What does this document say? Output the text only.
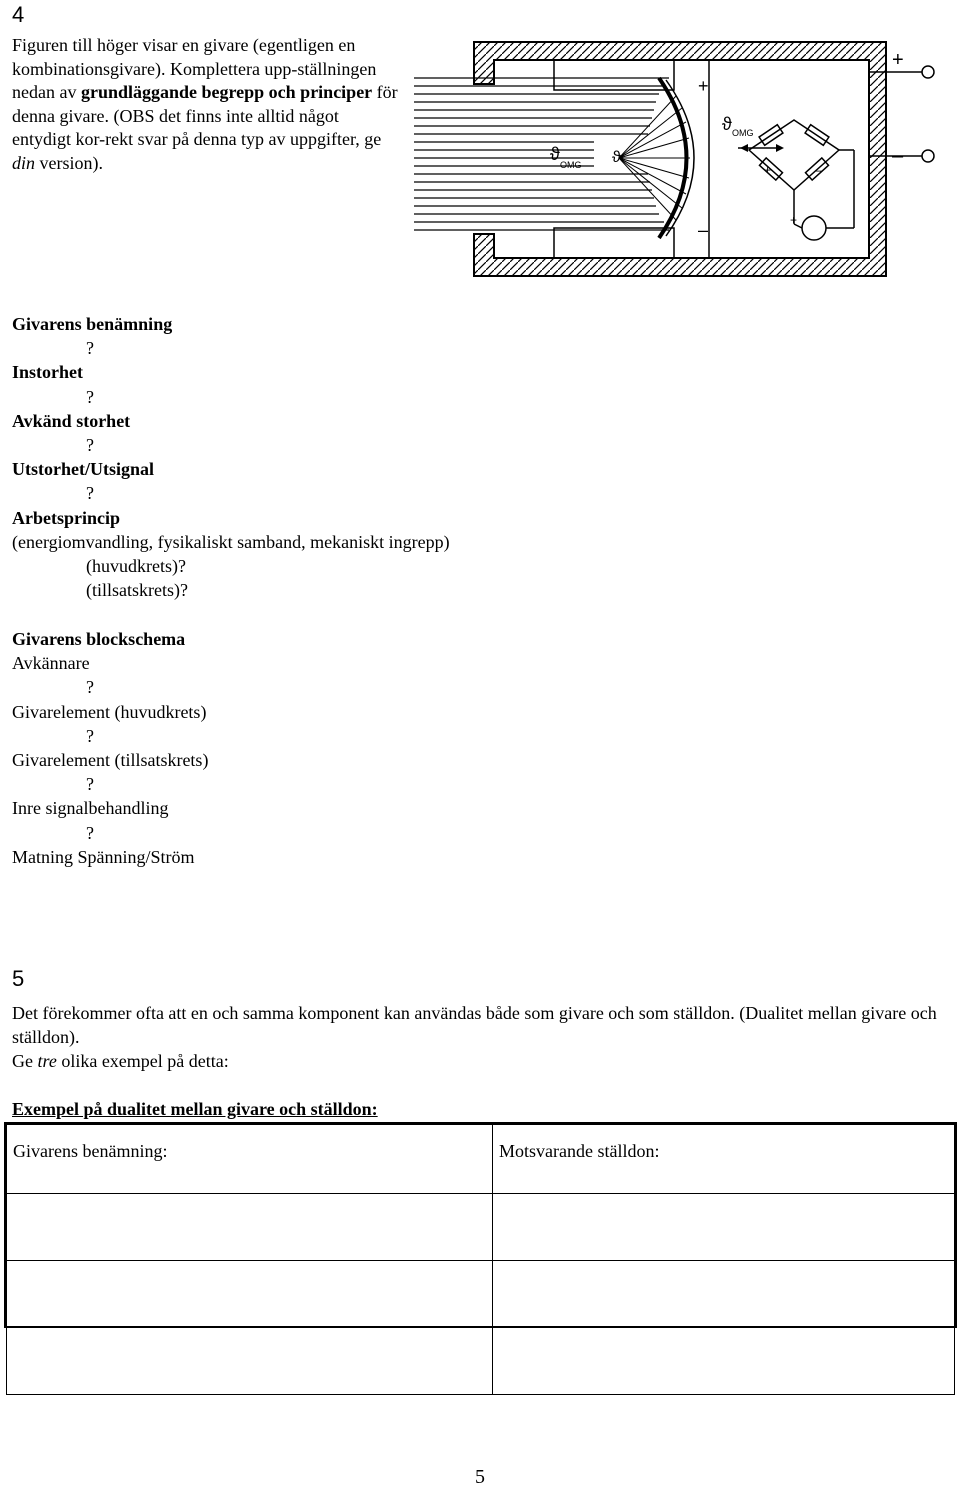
4
Figuren till höger visar en givare (egentligen en kombinationsgivare). Komplettera upp-ställningen nedan av grundläggande begrepp och principer för denna givare. (OBS det finns inte alltid något entydigt kor-rekt svar på denna typ av uppgifter, ge din version).
+
–
ϑ
OMG ϑ
ϑ OMG
+	–
+
+
–
Givarens benämning
?
Instorhet
?
Avkänd storhet
?
Utstorhet/Utsignal
?
Arbetsprincip
(energiomvandling, fysikaliskt samband, mekaniskt ingrepp)
(huvudkrets)?
(tillsatskrets)?
Givarens blockschema
Avkännare
?
Givarelement (huvudkrets)
?
Givarelement (tillsatskrets)
?
Inre signalbehandling
?
Matning Spänning/Ström
5
Det förekommer ofta att en och samma komponent kan användas både som givare och som ställdon. (Dualitet mellan givare och ställdon).
Ge tre olika exempel på detta:
Exempel på dualitet mellan givare och ställdon:
Givarens benämning:	Motsvarande ställdon:

5
